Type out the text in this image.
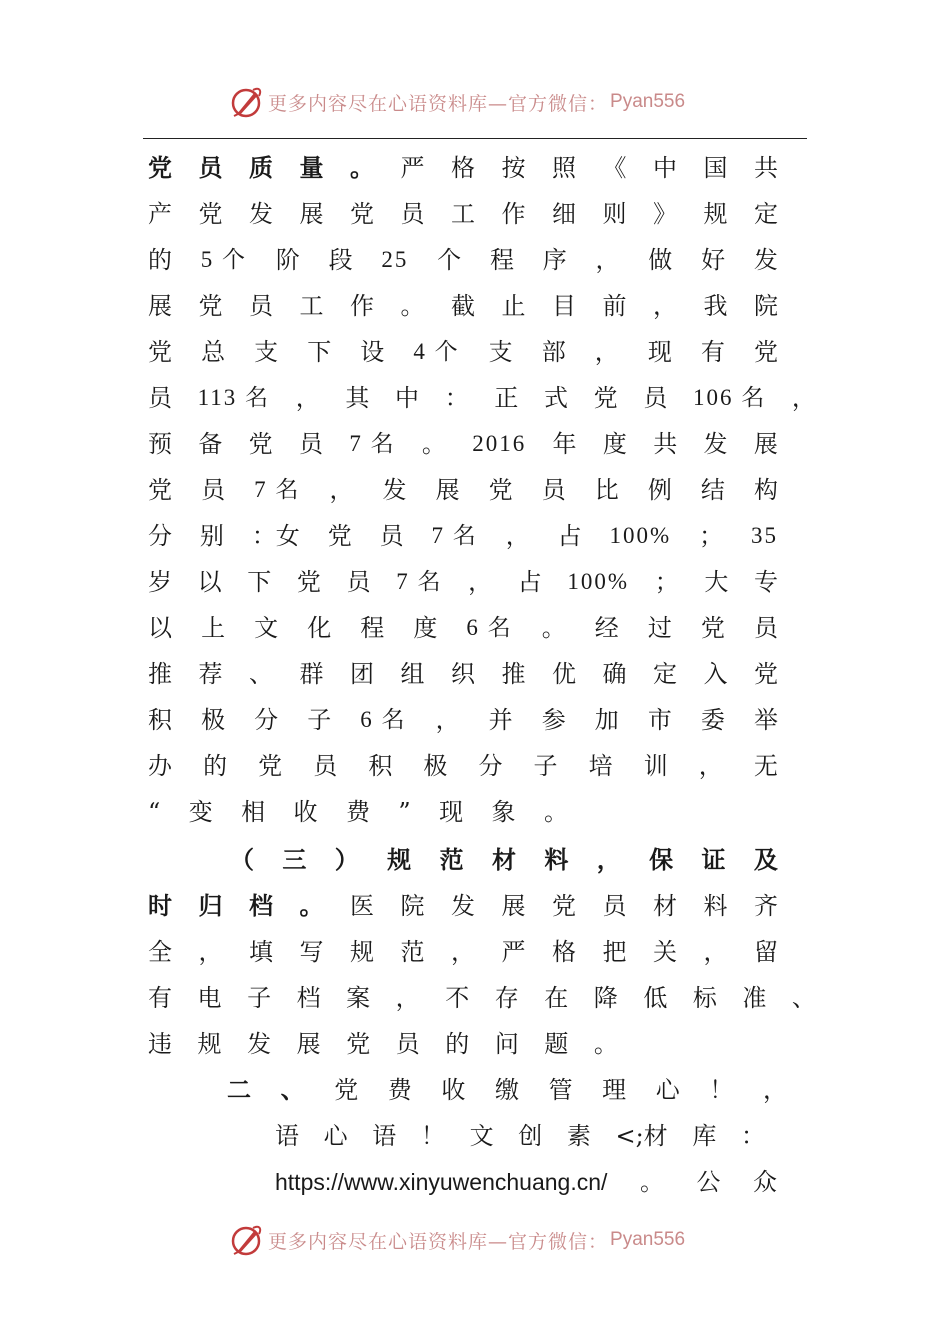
更多内容尽在心语资料库—官方微信： Pyan556
党 员 质 量 。 严 格 按 照 《 中 国 共
产 党 发 展 党 员 工 作 细 则 》 规 定
的 5 个 阶 段 25 个 程 序 ， 做 好 发
展 党 员 工 作 。 截 止 目 前 ， 我 院
党 总 支 下 设 4 个 支 部 ， 现 有 党
员 113 名 ， 其 中 ： 正 式 党 员 106 名 ，
预 备 党 员 7 名 。 2016 年 度 共 发 展
党 员 7 名 ， 发 展 党 员 比 例 结 构
分 别 ：女 党 员 7 名 ， 占 100% ； 35
岁 以 下 党 员 7 名 ， 占 100% ； 大 专
以 上 文 化 程 度 6 名 。 经 过 党 员
推 荐 、 群 团 组 织 推 优 确 定 入 党
积 极 分 子 6 名 ， 并 参 加 市 委 举
办 的 党 员 积 极 分 子 培 训 ， 无
“ 变 相 收 费 ” 现 象 。
（ 三 ） 规 范 材 料 ， 保 证 及
时 归 档 。 医 院 发 展 党 员 材 料 齐
全 ， 填 写 规 范 ， 严 格 把 关 ， 留
有 电 子 档 案 ， 不 存 在 降 低 标 准 、
违 规 发 展 党 员 的 问 题 。
二 、 党 费 收 缴 管 理 心 ！ ，
语 心 语 ！ 文 创 素 <;材 库 ：
https://www.xinyuwenchuang.cn/ 。 公 众
更多内容尽在心语资料库—官方微信： Pyan556
